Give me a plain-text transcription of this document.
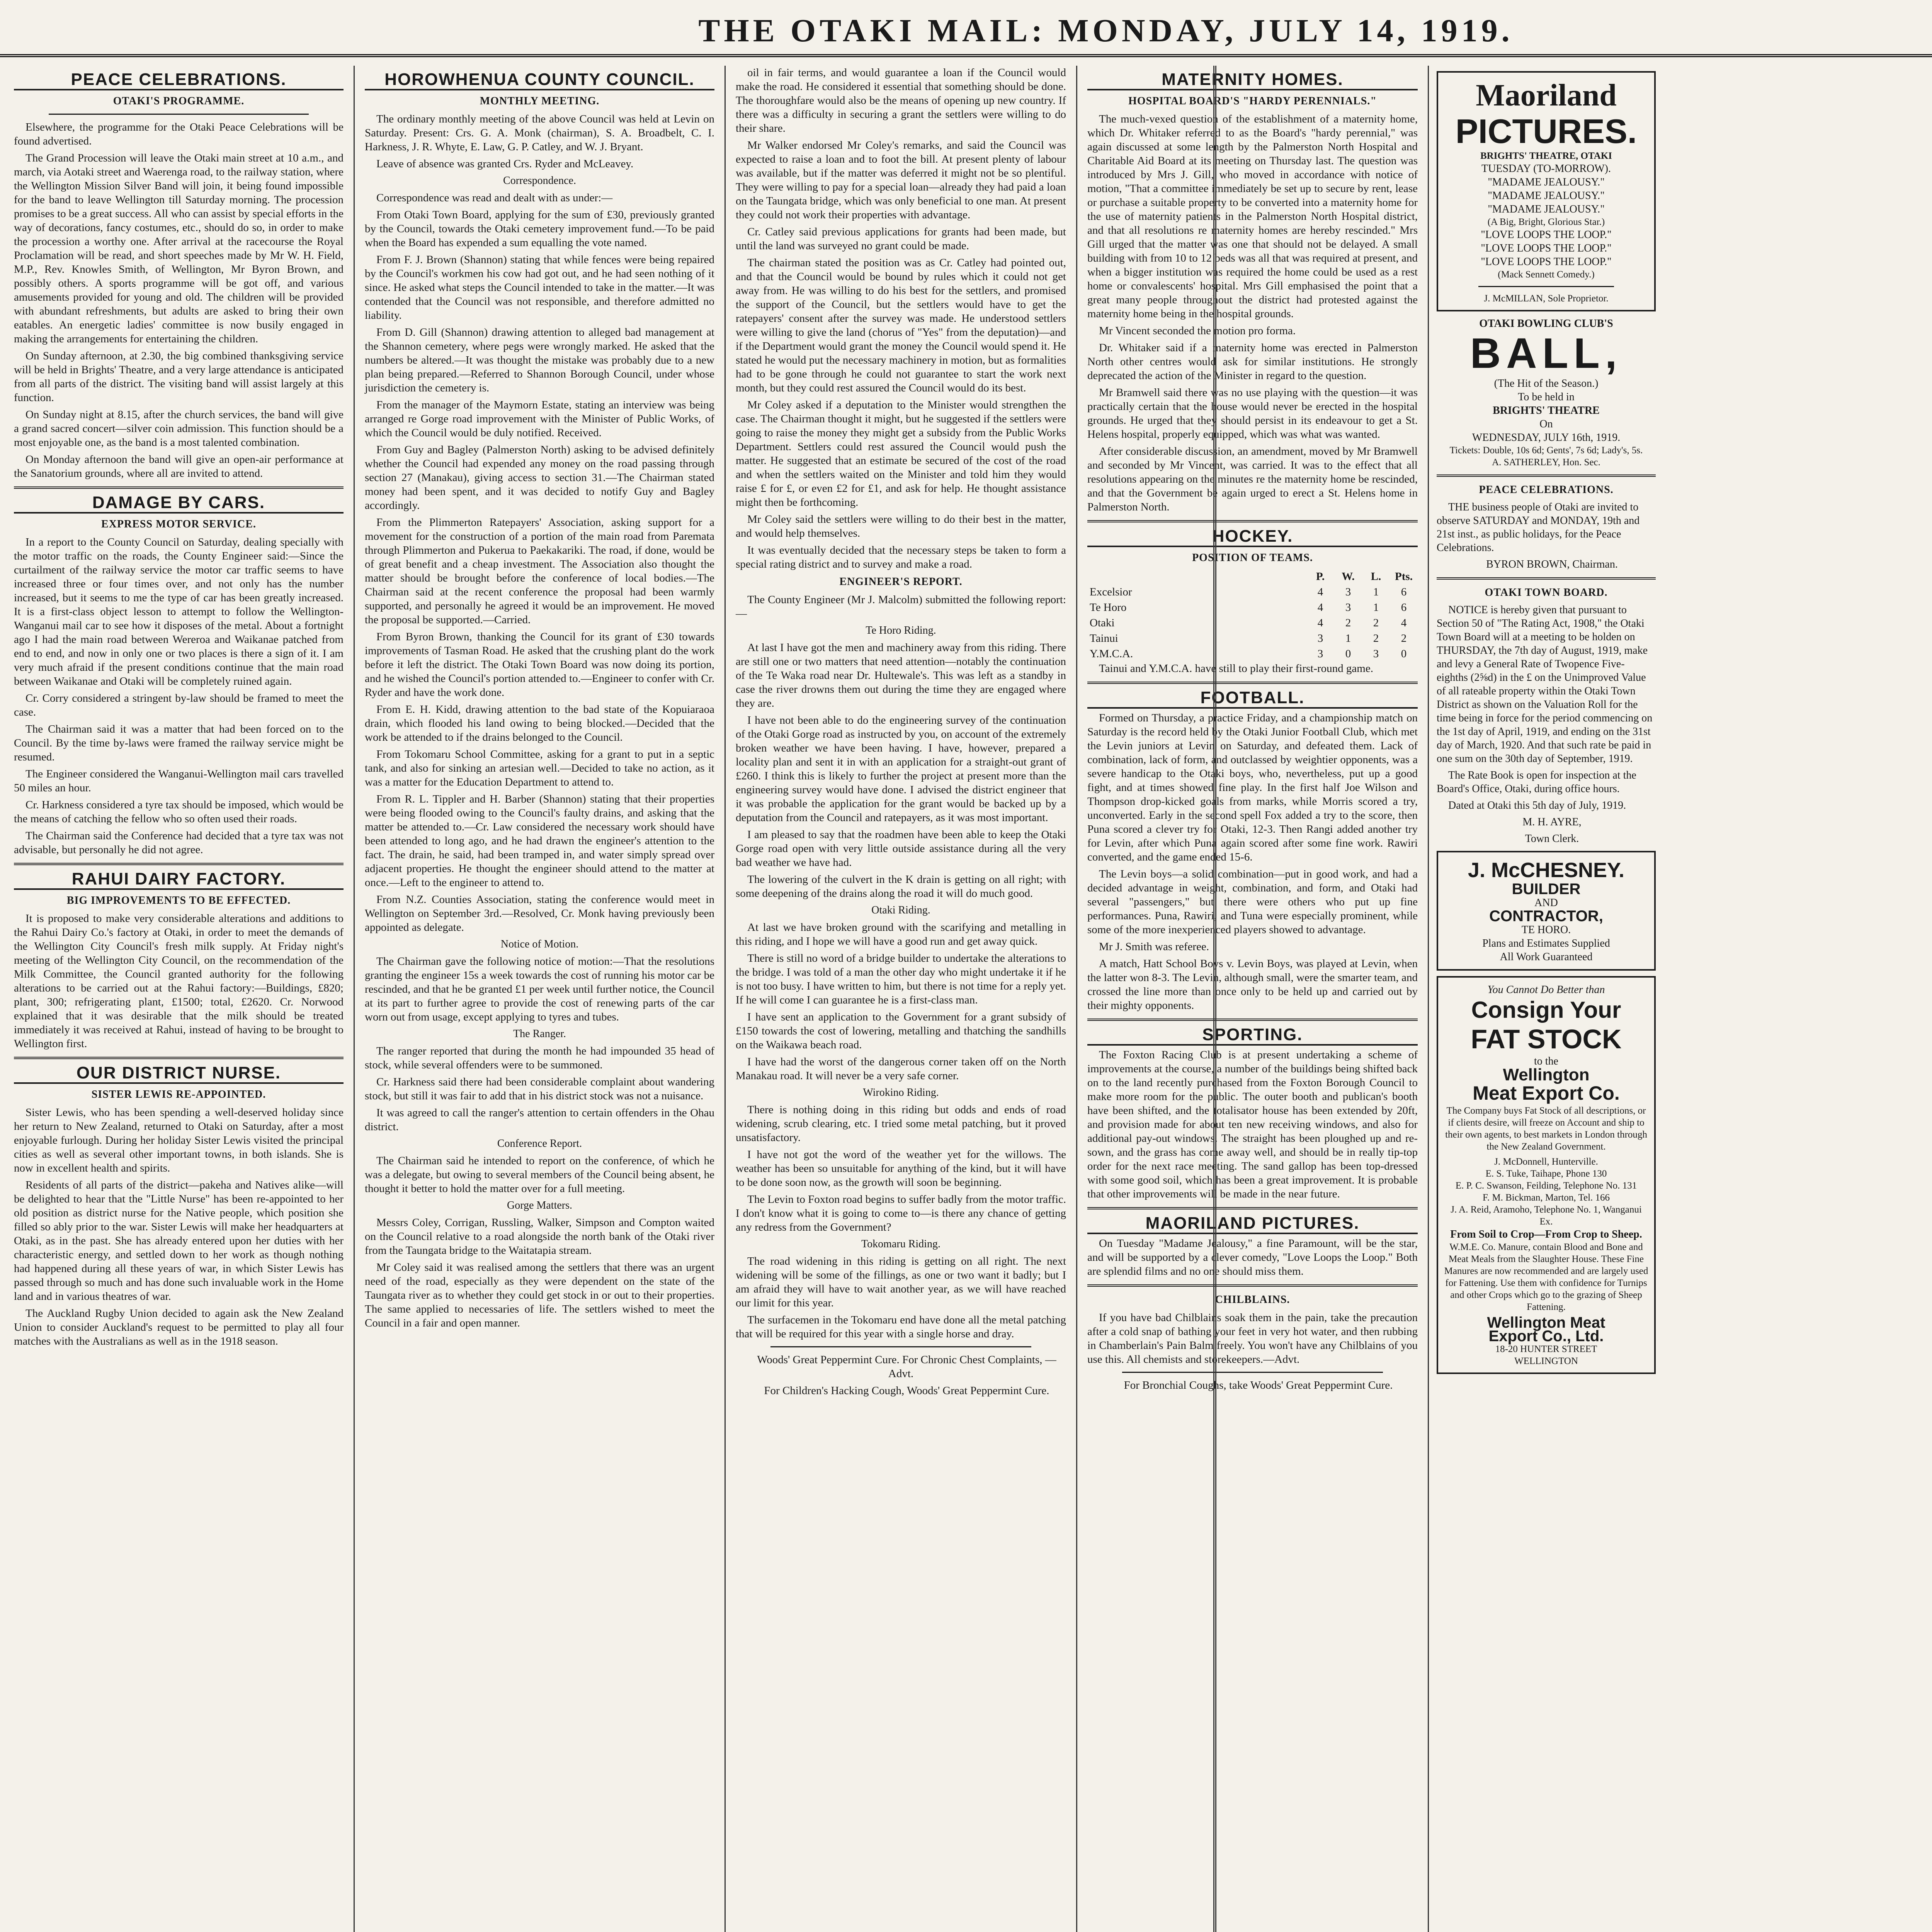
THE OTAKI MAIL: MONDAY, JULY 14, 1919.
PEACE CELEBRATIONS.
OTAKI'S PROGRAMME.

Elsewhere, the programme for the Otaki Peace Celebrations will be found advertised.

The Grand Procession will leave the Otaki main street at 10 a.m., and march, via Aotaki street and Waerenga road, to the railway station, where the Wellington Mission Silver Band will join, it being found impossible for the band to leave Wellington till Saturday morning. The procession promises to be a great success. All who can assist by special efforts in the way of decorations, fancy costumes, etc., should do so, in order to make the procession a worthy one. After arrival at the racecourse the Royal Proclamation will be read, and short speeches made by Mr W. H. Field, M.P., Rev. Knowles Smith, of Wellington, Mr Byron Brown, and possibly others. A sports programme will be got off, and various amusements provided for young and old. The children will be provided with abundant refreshments, but adults are asked to bring their own eatables. An energetic ladies' committee is now busily engaged in making the arrangements for entertaining the children.

On Sunday afternoon, at 2.30, the big combined thanksgiving service will be held in Brights' Theatre, and a very large attendance is anticipated from all parts of the district. The visiting band will assist largely at this function.

On Sunday night at 8.15, after the church services, the band will give a grand sacred concert—silver coin admission. This function should be a most enjoyable one, as the band is a most talented combination.

On Monday afternoon the band will give an open-air performance at the Sanatorium grounds, where all are invited to attend.

DAMAGE BY CARS.
EXPRESS MOTOR SERVICE.

In a report to the County Council on Saturday, dealing specially with the motor traffic on the roads, the County Engineer said:—Since the curtailment of the railway service the motor car traffic seems to have increased three or four times over, and not only has the number increased, but it seems to me the type of car has been greatly increased. It is a first-class object lesson to attempt to follow the Wellington-Wanganui mail car to see how it disposes of the metal. About a fortnight ago I had the main road between Wereroa and Waikanae patched from end to end, and now in only one or two places is there a sign of it. I am very much afraid if the present conditions continue that the main road between Waikanae and Otaki will be completely ruined again.

Cr. Corry considered a stringent by-law should be framed to meet the case.

The Chairman said it was a matter that had been forced on to the Council. By the time by-laws were framed the railway service might be resumed.

The Engineer considered the Wanganui-Wellington mail cars travelled 50 miles an hour.

Cr. Harkness considered a tyre tax should be imposed, which would be the means of catching the fellow who so often used their roads.

The Chairman said the Conference had decided that a tyre tax was not advisable, but personally he did not agree.

RAHUI DAIRY FACTORY.
BIG IMPROVEMENTS TO BE EFFECTED.

It is proposed to make very considerable alterations and additions to the Rahui Dairy Co.'s factory at Otaki, in order to meet the demands of the Wellington City Council's fresh milk supply. At Friday night's meeting of the Wellington City Council, on the recommendation of the Milk Committee, the Council granted authority for the following alterations to be carried out at the Rahui factory:—Buildings, £820; plant, 300; refrigerating plant, £1500; total, £2620. Cr. Norwood explained that it was desirable that the milk should be treated immediately it was received at Rahui, instead of having to be brought to Wellington first.

OUR DISTRICT NURSE.
SISTER LEWIS RE-APPOINTED.

Sister Lewis, who has been spending a well-deserved holiday since her return to New Zealand, returned to Otaki on Saturday, after a most enjoyable furlough. During her holiday Sister Lewis visited the principal cities as well as several other important towns, in both islands. She is now in excellent health and spirits.

Residents of all parts of the district—pakeha and Natives alike—will be delighted to hear that the "Little Nurse" has been re-appointed to her old position as district nurse for the Native people, which position she filled so ably prior to the war. Sister Lewis will make her headquarters at Otaki, as in the past. She has already entered upon her duties with her characteristic energy, and settled down to her work as though nothing had happened during all these years of war, in which Sister Lewis has passed through so much and has done such invaluable work in the Home land and in various theatres of war.

The Auckland Rugby Union decided to again ask the New Zealand Union to consider Auckland's request to be permitted to play all four matches with the Australians as well as in the 1918 season.

HOROWHENUA COUNTY COUNCIL.
MONTHLY MEETING.

The ordinary monthly meeting of the above Council was held at Levin on Saturday. Present: Crs. G. A. Monk (chairman), S. A. Broadbelt, C. I. Harkness, J. R. Whyte, E. Law, G. P. Catley, and W. J. Bryant.

Leave of absence was granted Crs. Ryder and McLeavey.

Correspondence.

Correspondence was read and dealt with as under:—

From Otaki Town Board, applying for the sum of £30, previously granted by the Council, towards the Otaki cemetery improvement fund.—To be paid when the Board has expended a sum equalling the vote named.

From F. J. Brown (Shannon) stating that while fences were being repaired by the Council's workmen his cow had got out, and he had seen nothing of it since. He asked what steps the Council intended to take in the matter.—It was contended that the Council was not responsible, and therefore admitted no liability.

From D. Gill (Shannon) drawing attention to alleged bad management at the Shannon cemetery, where pegs were wrongly marked. He asked that the numbers be altered.—It was thought the mistake was probably due to a new plan being prepared.—Referred to Shannon Borough Council, under whose jurisdiction the cemetery is.

From the manager of the Maymorn Estate, stating an interview was being arranged re Gorge road improvement with the Minister of Public Works, of which the Council would be duly notified. Received.

From Guy and Bagley (Palmerston North) asking to be advised definitely whether the Council had expended any money on the road passing through section 27 (Manakau), giving access to section 31.—The Chairman stated money had been spent, and it was decided to notify Guy and Bagley accordingly.

From the Plimmerton Ratepayers' Association, asking support for a movement for the construction of a portion of the main road from Paremata through Plimmerton and Pukerua to Paekakariki. The road, if done, would be of great benefit and a cheap investment. The Association also thought the matter should be brought before the conference of local bodies.—The Chairman said at the recent conference the proposal had been warmly supported, and personally he agreed it would be an improvement. He moved the proposal be supported.—Carried.

From Byron Brown, thanking the Council for its grant of £30 towards improvements of Tasman Road. He asked that the crushing plant do the work before it left the district. The Otaki Town Board was now doing its portion, and he wished the Council's portion attended to.—Engineer to confer with Cr. Ryder and have the work done.

From E. H. Kidd, drawing attention to the bad state of the Kopuiaraoa drain, which flooded his land owing to being blocked.—Decided that the work be attended to if the drains belonged to the Council.

From Tokomaru School Committee, asking for a grant to put in a septic tank, and also for sinking an artesian well.—Decided to take no action, as it was a matter for the Education Department to attend to.

From R. L. Tippler and H. Barber (Shannon) stating that their properties were being flooded owing to the Council's faulty drains, and asking that the matter be attended to.—Cr. Law considered the necessary work should have been attended to long ago, and he had drawn the engineer's attention to the fact. The drain, he said, had been tramped in, and water simply spread over adjacent properties. He thought the engineer should attend to the matter at once.—Left to the engineer to attend to.

From N.Z. Counties Association, stating the conference would meet in Wellington on September 3rd.—Resolved, Cr. Monk having previously been appointed as delegate.

Notice of Motion.

The Chairman gave the following notice of motion:—That the resolutions granting the engineer 15s a week towards the cost of running his motor car be rescinded, and that he be granted £1 per week until further notice, the Council at its part to further agree to provide the cost of renewing parts of the car worn out from usage, except applying to tyres and tubes.

The Ranger.

The ranger reported that during the month he had impounded 35 head of stock, while several offenders were to be summoned.

Cr. Harkness said there had been considerable complaint about wandering stock, but still it was fair to add that in his district stock was not a nuisance.

It was agreed to call the ranger's attention to certain offenders in the Ohau district.

Conference Report.

The Chairman said he intended to report on the conference, of which he was a delegate, but owing to several members of the Council being absent, he thought it better to hold the matter over for a full meeting.

Gorge Matters.

Messrs Coley, Corrigan, Russling, Walker, Simpson and Compton waited on the Council relative to a road alongside the north bank of the Otaki river from the Taungata bridge to the Waitatapia stream.

Mr Coley said it was realised among the settlers that there was an urgent need of the road, especially as they were dependent on the state of the Taungata river as to whether they could get stock in or out to their properties. The same applied to necessaries of life. The settlers wished to meet the Council in a fair and open manner.

oil in fair terms, and would guarantee a loan if the Council would make the road. He considered it essential that something should be done. The thoroughfare would also be the means of opening up new country. If there was a difficulty in securing a grant the settlers were willing to do their share.

Mr Walker endorsed Mr Coley's remarks, and said the Council was expected to raise a loan and to foot the bill. At present plenty of labour was available, but if the matter was deferred it might not be so plentiful. They were willing to pay for a special loan—already they had paid a loan on the Taungata bridge, which was only beneficial to one man. At present they could not work their properties with advantage.

Cr. Catley said previous applications for grants had been made, but until the land was surveyed no grant could be made.

The chairman stated the position was as Cr. Catley had pointed out, and that the Council would be bound by rules which it could not get away from. He was willing to do his best for the settlers, and promised the support of the Council, but the settlers would have to get the ratepayers' consent after the survey was made. He understood settlers were willing to give the land (chorus of "Yes" from the deputation)—and if the Department would grant the money the Council would spend it. He stated he would put the necessary machinery in motion, but as formalities had to be gone through he could not guarantee to start the work next month, but they could rest assured the Council would do its best.

Mr Coley asked if a deputation to the Minister would strengthen the case. The Chairman thought it might, but he suggested if the settlers were going to raise the money they might get a subsidy from the Public Works Department. Settlers could rest assured the Council would push the matter. He suggested that an estimate be secured of the cost of the road and when the settlers waited on the Minister and told him they would raise £ for £, or even £2 for £1, and ask for help. He thought assistance might then be forthcoming.

Mr Coley said the settlers were willing to do their best in the matter, and would help themselves.

It was eventually decided that the necessary steps be taken to form a special rating district and to survey and make a road.

ENGINEER'S REPORT.

The County Engineer (Mr J. Malcolm) submitted the following report:—

Te Horo Riding.

At last I have got the men and machinery away from this riding. There are still one or two matters that need attention—notably the continuation of the Te Waka road near Dr. Hultewale's. This was left as a standby in case the river drowns them out during the time they are engaged where they are.

I have not been able to do the engineering survey of the continuation of the Otaki Gorge road as instructed by you, on account of the extremely broken weather we have been having. I have, however, prepared a locality plan and sent it in with an application for a straight-out grant of £260. I think this is likely to further the project at present more than the engineering survey would have done. I advised the district engineer that it was probable the application for the grant would be backed up by a deputation from the Council and ratepayers, as it was most important.

I am pleased to say that the roadmen have been able to keep the Otaki Gorge road open with very little outside assistance during all the very bad weather we have had.

The lowering of the culvert in the K drain is getting on all right; with some deepening of the drains along the road it will do much good.

Otaki Riding.

At last we have broken ground with the scarifying and metalling in this riding, and I hope we will have a good run and get away quick.

There is still no word of a bridge builder to undertake the alterations to the bridge. I was told of a man the other day who might undertake it if he is not too busy. I have written to him, but there is not time for a reply yet. If he will come I can guarantee he is a first-class man.

I have sent an application to the Government for a grant subsidy of £150 towards the cost of lowering, metalling and thatching the sandhills on the Waikawa beach road.

I have had the worst of the dangerous corner taken off on the North Manakau road. It will never be a very safe corner.

Wirokino Riding.

There is nothing doing in this riding but odds and ends of road widening, scrub clearing, etc. I tried some metal patching, but it proved unsatisfactory.

I have not got the word of the weather yet for the willows. The weather has been so unsuitable for anything of the kind, but it will have to be done soon now, as the growth will soon be beginning.

The Levin to Foxton road begins to suffer badly from the motor traffic. I don't know what it is going to come to—is there any chance of getting any redress from the Government?

Tokomaru Riding.

The road widening in this riding is getting on all right. The next widening will be some of the fillings, as one or two want it badly; but I am afraid they will have to wait another year, as we will have reached our limit for this year.

The surfacemen in the Tokomaru end have done all the metal patching that will be required for this year with a single horse and dray.

Woods' Great Peppermint Cure. For Chronic Chest Complaints, —Advt.

For Children's Hacking Cough, Woods' Great Peppermint Cure.

MATERNITY HOMES.
HOSPITAL BOARD'S "HARDY PERENNIALS."

The much-vexed question of the establishment of a maternity home, which Dr. Whitaker referred to as the Board's "hardy perennial," was again discussed at some length by the Palmerston North Hospital and Charitable Aid Board at its meeting on Thursday last. The question was introduced by Mrs J. Gill, who moved in accordance with notice of motion, "That a committee immediately be set up to secure by rent, lease or purchase a suitable property to be converted into a maternity home for the use of maternity patients in the Palmerston North Hospital district, and that all resolutions re maternity homes are hereby rescinded." Mrs Gill urged that the matter was one that should not be delayed. A small building with from 10 to 12 beds was all that was required at present, and when a bigger institution was required the home could be used as a rest home or convalescents' hospital. Mrs Gill emphasised the point that a great many people throughout the district had protested against the maternity home being in the hospital grounds.

Mr Vincent seconded the motion pro forma.

Dr. Whitaker said if a maternity home was erected in Palmerston North other centres would ask for similar institutions. He strongly deprecated the action of the Minister in regard to the question.

Mr Bramwell said there was no use playing with the question—it was practically certain that the house would never be erected in the hospital grounds. He urged that they should persist in its endeavour to get a St. Helens hospital, properly equipped, which was what was wanted.

After considerable discussion, an amendment, moved by Mr Bramwell and seconded by Mr Vincent, was carried. It was to the effect that all resolutions appearing on the minutes re the maternity home be rescinded, and that the Government be again urged to erect a St. Helens home in Palmerston North.

HOCKEY.
POSITION OF TEAMS.
	P.	W.	L.	Pts.
Excelsior	4	3	1	6
Te Horo	4	3	1	6
Otaki	4	2	2	4
Tainui	3	1	2	2
Y.M.C.A.	3	0	3	0

Tainui and Y.M.C.A. have still to play their first-round game.

FOOTBALL.

Formed on Thursday, a practice Friday, and a championship match on Saturday is the record held by the Otaki Junior Football Club, which met the Levin juniors at Levin on Saturday, and defeated them. Lack of combination, lack of form, and outclassed by weightier opponents, was a severe handicap to the Otaki boys, who, nevertheless, put up a good fight, and at times showed fine play. In the first half Joe Wilson and Thompson drop-kicked goals from marks, while Morris scored a try, unconverted. Early in the second spell Fox added a try to the score, then Puna scored a clever try for Otaki, 12-3. Then Rangi added another try for Levin, after which Puna again scored after some fine work. Rawiri converted, and the game ended 15-6.

The Levin boys—a solid combination—put in good work, and had a decided advantage in weight, combination, and form, and Otaki had several "passengers," but there were others who put up fine performances. Puna, Rawiri, and Tuna were especially prominent, while some of the more inexperienced players showed to advantage.

Mr J. Smith was referee.

A match, Hatt School Boys v. Levin Boys, was played at Levin, when the latter won 8-3. The Levin, although small, were the smarter team, and crossed the line more than once only to be held up and carried out by their mighty opponents.

SPORTING.

The Foxton Racing Club is at present undertaking a scheme of improvements at the course, a number of the buildings being shifted back on to the land recently purchased from the Foxton Borough Council to make more room for the public. The outer booth and publican's booth have been shifted, and the totalisator house has been extended by 20ft, and provision made for about ten new receiving windows, and also for additional pay-out windows. The straight has been ploughed up and re-sown, and the grass has come away well, and should be in really tip-top order for the next race meeting. The sand gallop has been top-dressed with some good soil, which has been a great improvement. It is probable that other improvements will be made in the near future.

MAORILAND PICTURES.

On Tuesday "Madame Jealousy," a fine Paramount, will be the star, and will be supported by a clever comedy, "Love Loops the Loop." Both are splendid films and no one should miss them.

CHILBLAINS.

If you have bad Chilblains soak them in the pain, take the precaution after a cold snap of bathing your feet in very hot water, and then rubbing in Chamberlain's Pain Balm freely. You won't have any Chilblains of you use this. All chemists and storekeepers.—Advt.

For Bronchial Coughs, take Woods' Great Peppermint Cure.

Maoriland
PICTURES.
BRIGHTS' THEATRE, OTAKI
TUESDAY (TO-MORROW).
"MADAME JEALOUSY."
"MADAME JEALOUSY."
"MADAME JEALOUSY."
(A Big, Bright, Glorious Star.)
"LOVE LOOPS THE LOOP."
"LOVE LOOPS THE LOOP."
"LOVE LOOPS THE LOOP."
(Mack Sennett Comedy.)
J. McMILLAN, Sole Proprietor.
OTAKI BOWLING CLUB'S
BALL,
(The Hit of the Season.)
To be held in
BRIGHTS' THEATRE
On
WEDNESDAY, JULY 16th, 1919.
Tickets: Double, 10s 6d; Gents', 7s 6d; Lady's, 5s.
A. SATHERLEY, Hon. Sec.
PEACE CELEBRATIONS.

THE business people of Otaki are invited to observe SATURDAY and MONDAY, 19th and 21st inst., as public holidays, for the Peace Celebrations.

BYRON BROWN, Chairman.

OTAKI TOWN BOARD.

NOTICE is hereby given that pursuant to Section 50 of "The Rating Act, 1908," the Otaki Town Board will at a meeting to be holden on THURSDAY, the 7th day of August, 1919, make and levy a General Rate of Twopence Five-eighths (2⅝d) in the £ on the Unimproved Value of all rateable property within the Otaki Town District as shown on the Valuation Roll for the time being in force for the period commencing on the 1st day of April, 1919, and ending on the 31st day of March, 1920. And that such rate be paid in one sum on the 30th day of September, 1919.

The Rate Book is open for inspection at the Board's Office, Otaki, during office hours.

Dated at Otaki this 5th day of July, 1919.

M. H. AYRE,

Town Clerk.

J. McCHESNEY.
BUILDER
AND
CONTRACTOR,
TE HORO.
Plans and Estimates Supplied
All Work Guaranteed
You Cannot Do Better than
Consign Your
FAT STOCK
to the
Wellington
Meat Export Co.

The Company buys Fat Stock of all descriptions, or if clients desire, will freeze on Account and ship to their own agents, to best markets in London through the New Zealand Government.

J. McDonnell, Hunterville.
E. S. Tuke, Taihape, Phone 130
E. P. C. Swanson, Feilding, Telephone No. 131
F. M. Bickman, Marton, Tel. 166
J. A. Reid, Aramoho, Telephone No. 1, Wanganui Ex.
From Soil to Crop—From Crop to Sheep.

W.M.E. Co. Manure, contain Blood and Bone and Meat Meals from the Slaughter House. These Fine Manures are now recommended and are largely used for Fattening. Use them with confidence for Turnips and other Crops which go to the grazing of Sheep Fattening.

Wellington Meat
Export Co., Ltd.
18-20 HUNTER STREET
WELLINGTON
